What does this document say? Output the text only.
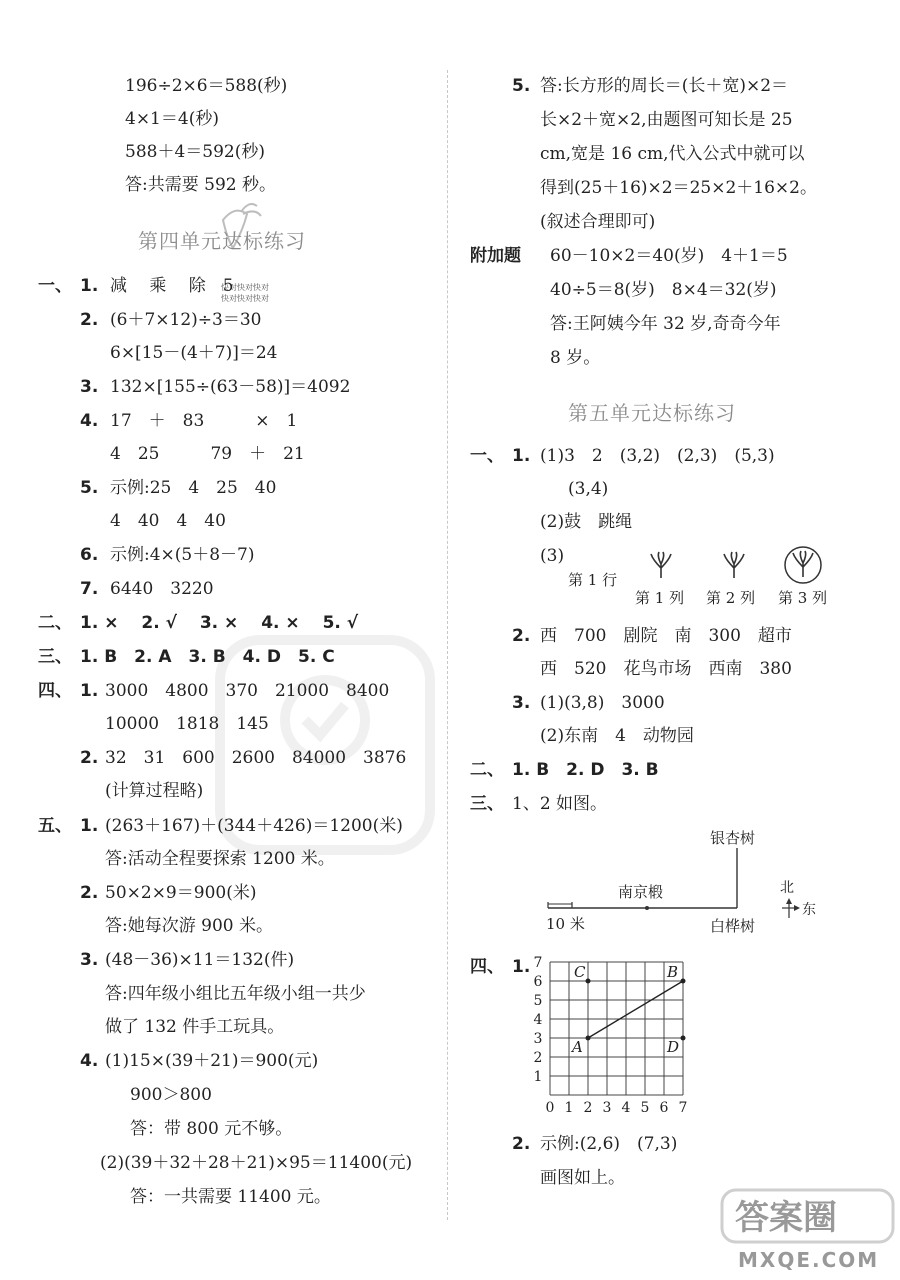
196÷2×6＝588(秒)
4×1＝4(秒)
588＋4＝592(秒)
答:共需要 592 秒。
第四单元达标练习
快对快对快对
快对快对快对
一、 1. 减　 乘　 除　5
2. (6＋7×12)÷3＝30
6×[15－(4＋7)]＝24
3. 132×[155÷(63－58)]＝4092
4. 17　＋　83　　　×　1
4　25　　　79　＋　21
5. 示例:25　4　25　40
4　40　4　40
6. 示例:4×(5＋8－7)
7. 6440　3220
二、 1. ×　 2. √　 3. ×　 4. ×　 5. √
三、 1. B　2. A　3. B　4. D　5. C
四、 1. 3000　4800　370　21000　8400
10000　1818　145
2. 32　31　600　2600　84000　3876
(计算过程略)
五、 1. (263＋167)＋(344＋426)＝1200(米)
答:活动全程要探索 1200 米。
2. 50×2×9＝900(米)
答:她每次游 900 米。
3. (48－36)×11＝132(件)
答:四年级小组比五年级小组一共少
做了 132 件手工玩具。
4. (1)15×(39＋21)＝900(元)
900＞800
答：带 800 元不够。
(2)(39＋32＋28＋21)×95＝11400(元)
答：一共需要 11400 元。
5. 答:长方形的周长＝(长＋宽)×2＝
长×2＋宽×2,由题图可知长是 25
cm,宽是 16 cm,代入公式中就可以
得到(25＋16)×2＝25×2＋16×2。
(叙述合理即可)
附加题 60－10×2＝40(岁)　4＋1＝5
40÷5＝8(岁)　8×4＝32(岁)
答:王阿姨今年 32 岁,奇奇今年
8 岁。
第五单元达标练习
一、 1. (1)3　2　(3,2)　(2,3)　(5,3)
(3,4)
(2)鼓　跳绳
(3)
第 1 行
第 1 列 第 2 列 第 3 列
2. 西　700　剧院　南　300　超市
西　520　花鸟市场　西南　380
3. (1)(3,8)　3000
(2)东南　4　动物园
二、 1. B　2. D　3. B
三、 1、2 如图。
银杏树
南京椴
白桦树
10 米
北
东
四、 1.
0 1 2 3 4 5 6 7
1
2
3
4
5
6
7 C	B
A	D
2. 示例:(2,6)　(7,3)
画图如上。
答案圈
MXQE.COM
